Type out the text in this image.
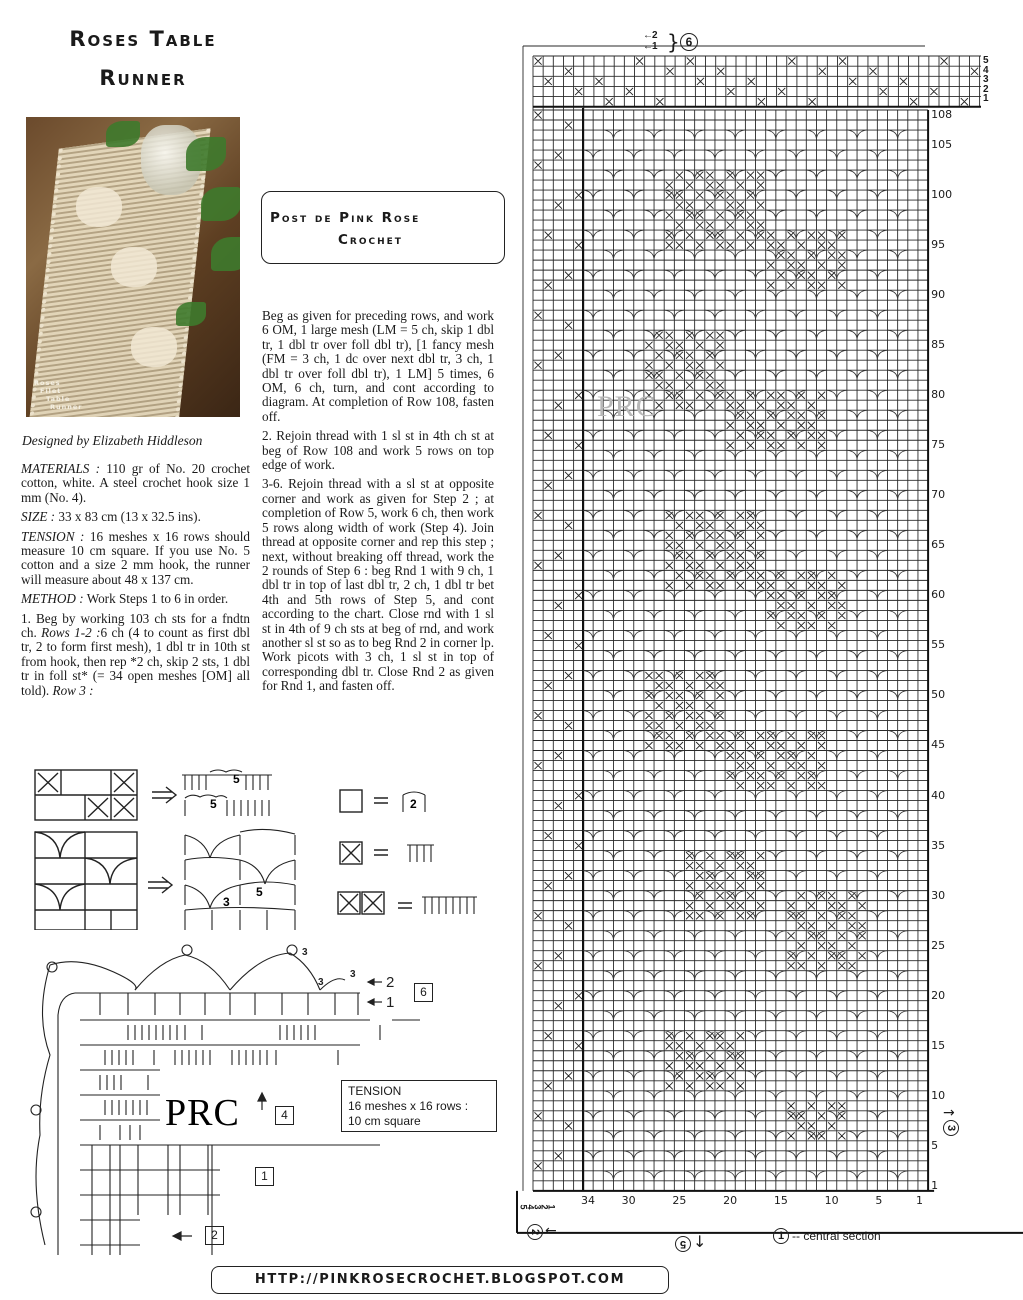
Roses Table
Runner
Roses
Filet
Table
Runner
Post de Pink Rose
Crochet
Designed by Elizabeth Hiddleson

MATERIALS : 110 gr of No. 20 crochet cotton, white. A steel crochet hook size 1 mm (No. 4).

SIZE : 33 x 83 cm (13 x 32.5 ins).

TENSION : 16 meshes x 16 rows should measure 10 cm square. If you use No. 5 cotton and a size 2 mm hook, the runner will measure about 48 x 137 cm.

METHOD : Work Steps 1 to 6 in order.

1. Beg by working 103 ch sts for a fndtn ch. Rows 1-2 :6 ch (4 to count as first dbl tr, 2 to form first mesh), 1 dbl tr in 10th st from hook, then rep *2 ch, skip 2 sts, 1 dbl tr in foll st* (= 34 open meshes [OM] all told). Row 3 :

Beg as given for preceding rows, and work 6 OM, 1 large mesh (LM = 5 ch, skip 1 dbl tr, 1 dbl tr over foll dbl tr), [1 fancy mesh (FM = 3 ch, 1 dc over next dbl tr, 3 ch, 1 dbl tr over foll dbl tr), 1 LM] 5 times, 6 OM, 6 ch, turn, and cont according to diagram. At completion of Row 108, fasten off.

2. Rejoin thread with 1 sl st in 4th ch st at beg of Row 108 and work 5 rows on top edge of work.

3-6. Rejoin thread with a sl st at opposite corner and work as given for Step 2 ; at completion of Row 5, work 6 ch, then work 5 rows along width of work (Step 4). Join thread at opposite corner and rep this step ; next, without breaking off thread, work the 2 rounds of Step 6 : beg Rnd 1 with 9 ch, 1 dbl tr in top of last dbl tr, 2 ch, 1 dbl tr bet 4th and 5th rows of Step 5, and cont according to the chart. Close rnd with 1 sl st in 4th of 9 ch sts at beg of rnd, and work another sl st so as to beg Rnd 2 in corner lp. Work picots with 3 ch, 1 sl st in top of corresponding dbl tr. Close Rnd 2 as given for Rnd 1, and fasten off.

5
5
3
5
2
3
3
3 2
1
PRC
6
4
1
2
TENSION
16 meshes x 16 rows :
10 cm square
2
1
←
← } 6
5
4
3
2
1
108
105
100
95
90
85
80
75
70
65
60
55
50
45
40
35
30
25
20
15
10
5
1
34 30	25	20	15	10	5	1
5
4
3
2
1
2 ←
5 ↓	1 -- central section
3
→
PRC
HTTP://PINKROSECROCHET.BLOGSPOT.COM
